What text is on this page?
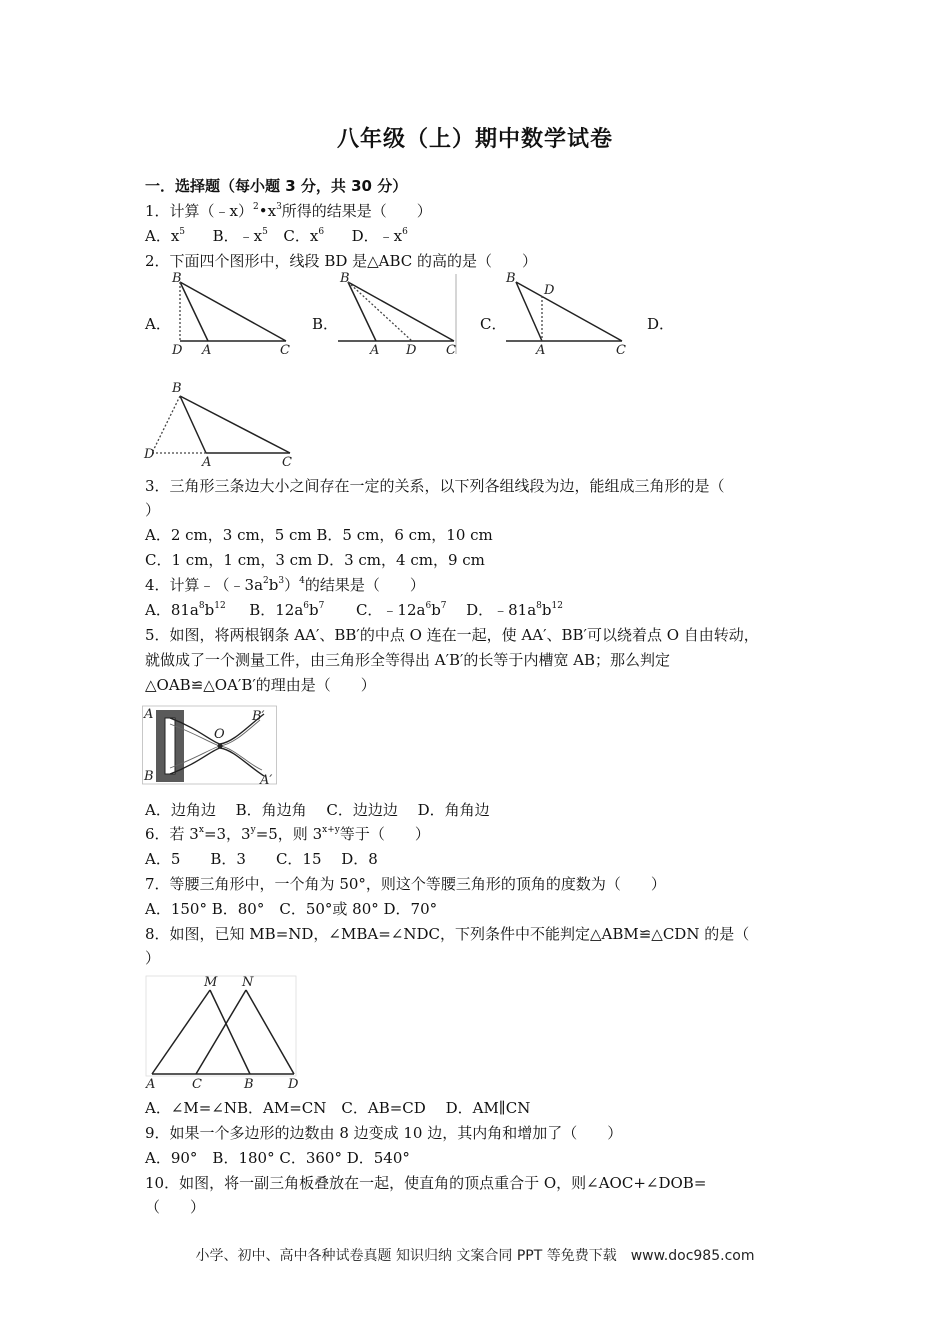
八年级（上）期中数学试卷
一．选择题（每小题 3 分，共 30 分）
1．计算$(﹣x)^2•x^3$所得的结果是（　　）
A．$x^5$ B．$﹣x^5$ C．$x^6$ D．$﹣x^6$
2．下面四个图形中，线段 BD 是△ABC 的高的是（　　）
A．	B．	C．	D．
B
D A	C
B
A D C
B
D
A	C
B
D
A	C
3．三角形三条边大小之间存在一定的关系，以下列各组线段为边，能组成三角形的是（
）
A．2 cm，3 cm，5 cm B．5 cm，6 cm，10 cm
C．1 cm，1 cm，3 cm D．3 cm，4 cm，9 cm
4．计算$﹣(﹣3a^2b^3)^4$的结果是（　　）
A．$81a^8b^{12}$ B．$12a^6b^7$ C．$﹣12a^6b^7$ D．$﹣81a^8b^{12}$
5．如图，将两根钢条 AA′、BB′的中点 O 连在一起，使 AA′、BB′可以绕着点 O 自由转动，
就做成了一个测量工件，由三角形全等得出 A′B′的长等于内槽宽 AB；那么判定
△OAB≌△OA′B′的理由是（　　）
A
B
O
B′
A′
A．边角边　 B．角边角　 C．边边边　 D．角角边
6．若 $3^x=3$，$3^y=5$，则 $3^{x+y}$等于（　　）
A．5　　B．3　　C．15　 D．8
7．等腰三角形中，一个角为 50°，则这个等腰三角形的顶角的度数为（　　）
A．150° B．80°　C．50°或 80° D．70°
8．如图，已知 MB=ND，∠MBA=∠NDC，下列条件中不能判定△ABM≌△CDN 的是（
）
M N
A	C	B	D
A．∠M=∠NB．AM=CN　C．AB=CD　 D．AM∥CN
9．如果一个多边形的边数由 8 边变成 10 边，其内角和增加了（　　）
A．90°　B．180° C．360° D．540°
10．如图，将一副三角板叠放在一起，使直角的顶点重合于 O，则∠AOC+∠DOB=
（　　）
小学、初中、高中各种试卷真题 知识归纳 文案合同 PPT 等免费下载　www.doc985.com
